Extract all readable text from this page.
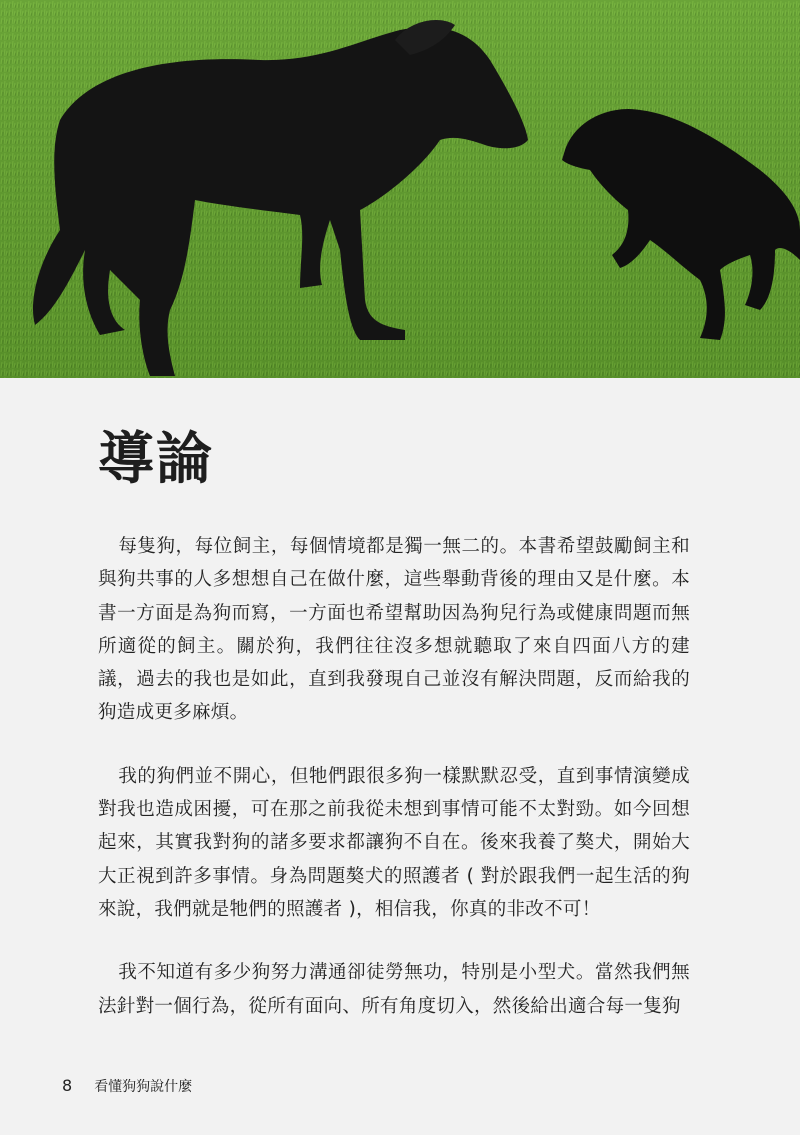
導論

每隻狗，每位飼主，每個情境都是獨一無二的。本書希望鼓勵飼主和與狗共事的人多想想自己在做什麼，這些舉動背後的理由又是什麼。本書一方面是為狗而寫，一方面也希望幫助因為狗兒行為或健康問題而無所適從的飼主。關於狗，我們往往沒多想就聽取了來自四面八方的建議，過去的我也是如此，直到我發現自己並沒有解決問題，反而給我的狗造成更多麻煩。

我的狗們並不開心，但牠們跟很多狗一樣默默忍受，直到事情演變成對我也造成困擾，可在那之前我從未想到事情可能不太對勁。如今回想起來，其實我對狗的諸多要求都讓狗不自在。後來我養了獒犬，開始大大正視到許多事情。身為問題獒犬的照護者 ( 對於跟我們一起生活的狗來說，我們就是牠們的照護者 )，相信我，你真的非改不可！

我不知道有多少狗努力溝通卻徒勞無功，特別是小型犬。當然我們無法針對一個行為，從所有面向、所有角度切入，然後給出適合每一隻狗

8 看懂狗狗說什麼
